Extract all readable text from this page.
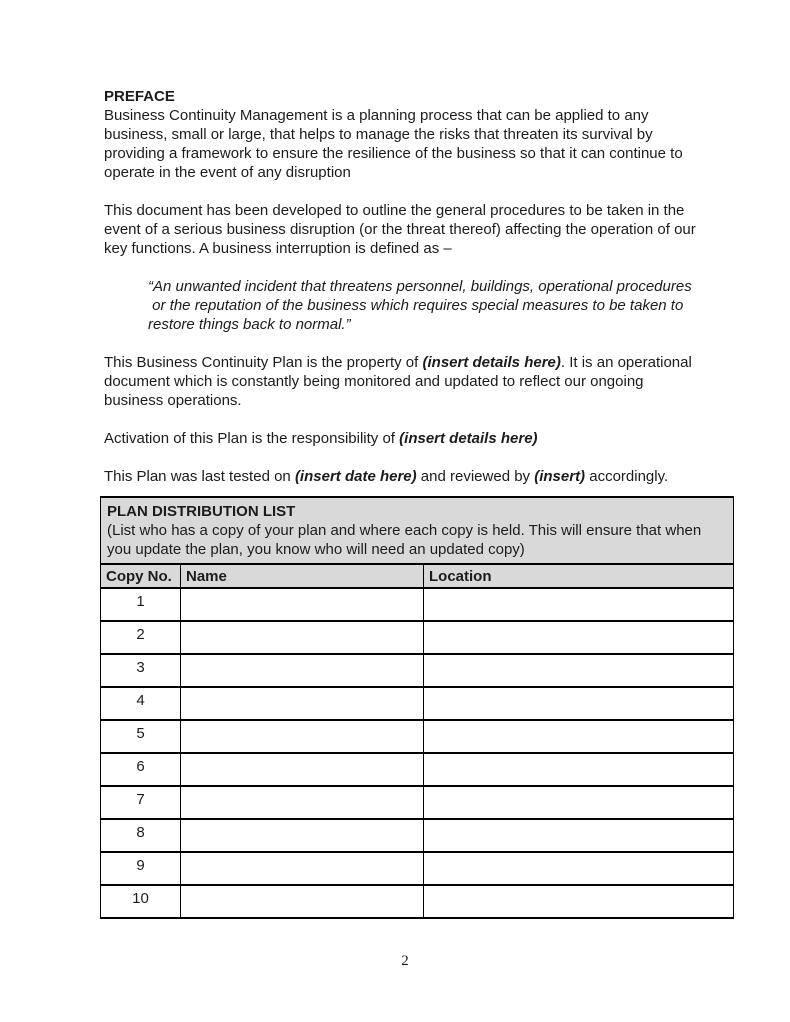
PREFACE

Business Continuity Management is a planning process that can be applied to any business, small or large, that helps to manage the risks that threaten its survival by providing a framework to ensure the resilience of the business so that it can continue to operate in the event of any disruption

This document has been developed to outline the general procedures to be taken in the event of a serious business disruption (or the threat thereof) affecting the operation of our key functions. A business interruption is defined as –

“An unwanted incident that threatens personnel, buildings, operational procedures
or the reputation of the business which requires special measures to be taken to
restore things back to normal.”

This Business Continuity Plan is the property of (insert details here). It is an operational document which is constantly being monitored and updated to reflect our ongoing business operations.

Activation of this Plan is the responsibility of (insert details here)

This Plan was last tested on (insert date here) and reviewed by (insert) accordingly.

PLAN DISTRIBUTION LIST
(List who has a copy of your plan and where each copy is held. This will ensure that when you update the plan, you know who will need an updated copy)		
Copy No.	Name	Location
1		
2		
3		
4		
5		
6		
7		
8		
9		
10		
2
